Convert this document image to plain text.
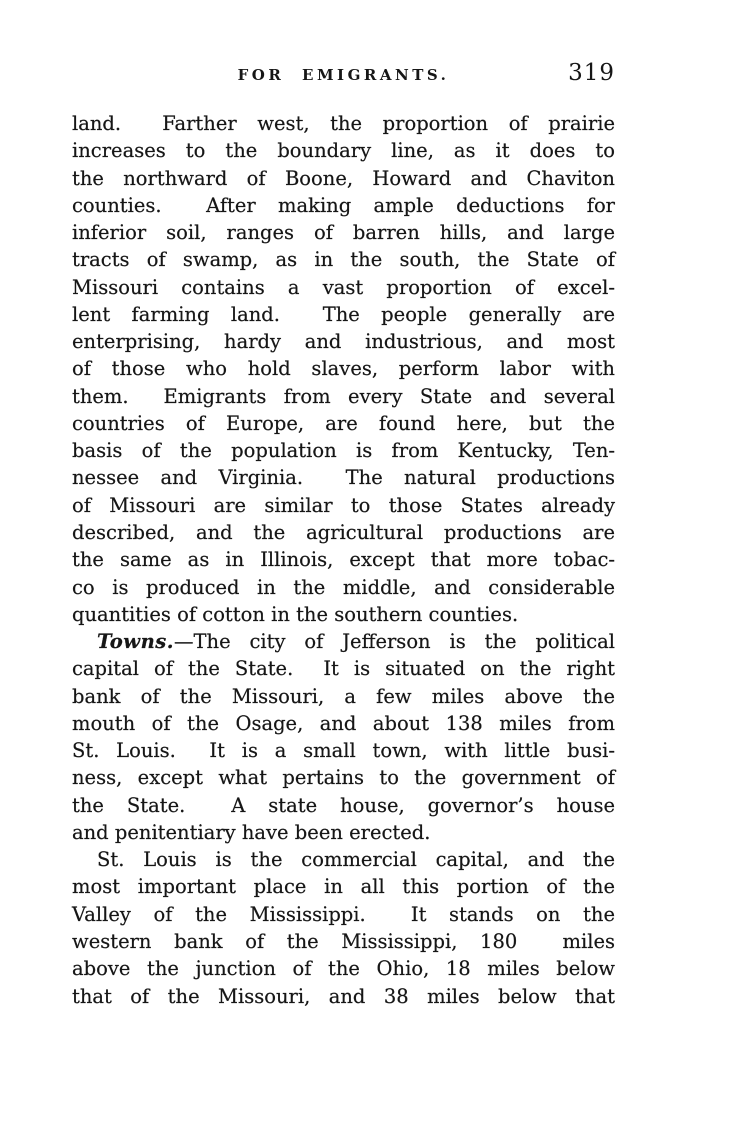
FOR EMIGRANTS.	319
land.  Farther west, the proportion of prairie
increases to the boundary line, as it does to
the northward of Boone, Howard and Chaviton
counties.  After making ample deductions for
inferior soil, ranges of barren hills, and large
tracts of swamp, as in the south, the State of
Missouri contains a vast proportion of excel-
lent farming land.  The people generally are
enterprising, hardy and industrious, and most
of those who hold slaves, perform labor with
them.  Emigrants from every State and several
countries of Europe, are found here, but the
basis of the population is from Kentucky, Ten-
nessee and Virginia.  The natural productions
of Missouri are similar to those States already
described, and the agricultural productions are
the same as in Illinois, except that more tobac-
co is produced in the middle, and considerable
quantities of cotton in the southern counties.
Towns.—The city of Jefferson is the political
capital of the State.  It is situated on the right
bank of the Missouri, a few miles above the
mouth of the Osage, and about 138 miles from
St. Louis.  It is a small town, with little busi-
ness, except what pertains to the government of
the State.  A state house, governor’s house
and penitentiary have been erected.
St. Louis is the commercial capital, and the
most important place in all this portion of the
Valley of the Mississippi.  It stands on the
western bank of the Mississippi, 180  miles
above the junction of the Ohio, 18 miles below
that of the Missouri, and 38 miles below that
